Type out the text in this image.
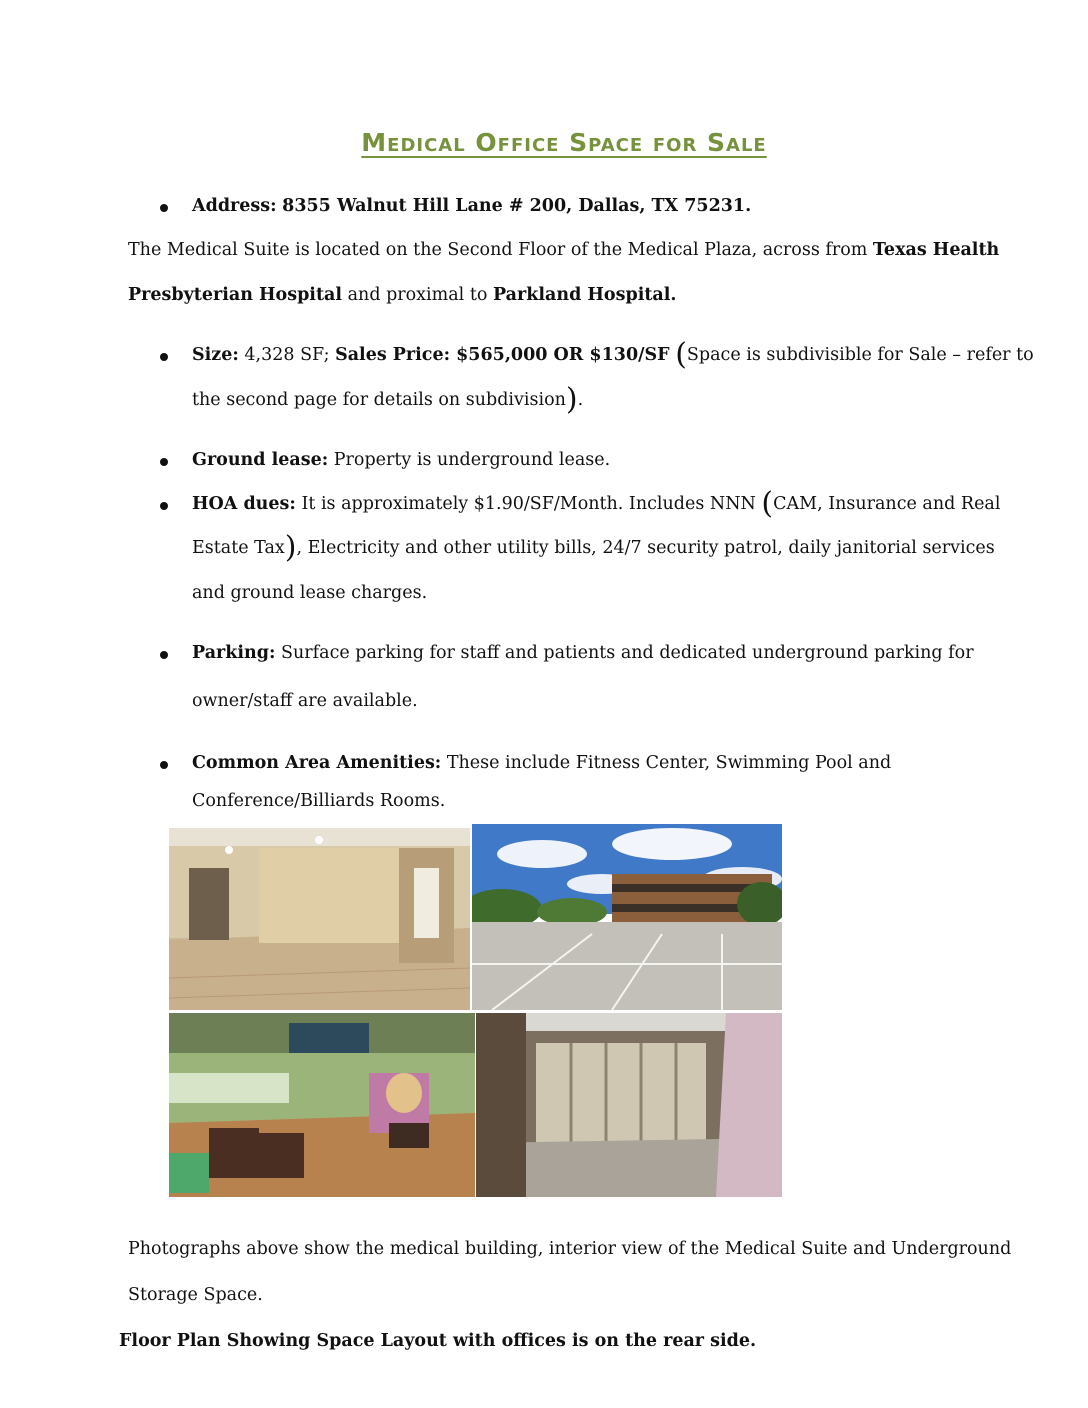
Medical Office Space for Sale
Address: 8355 Walnut Hill Lane # 200, Dallas, TX 75231.
The Medical Suite is located on the Second Floor of the Medical Plaza, across from Texas Health
Presbyterian Hospital and proximal to Parkland Hospital.
Size: 4,328 SF; Sales Price: $565,000 OR $130/SF (Space is subdivisible for Sale – refer to
the second page for details on subdivision).
Ground lease: Property is underground lease.
HOA dues: It is approximately $1.90/SF/Month. Includes NNN (CAM, Insurance and Real
Estate Tax), Electricity and other utility bills, 24/7 security patrol, daily janitorial services
and ground lease charges.
Parking: Surface parking for staff and patients and dedicated underground parking for
owner/staff are available.
Common Area Amenities: These include Fitness Center, Swimming Pool and
Conference/Billiards Rooms.
Photographs above show the medical building, interior view of the Medical Suite and Underground
Storage Space.
Floor Plan Showing Space Layout with offices is on the rear side.
